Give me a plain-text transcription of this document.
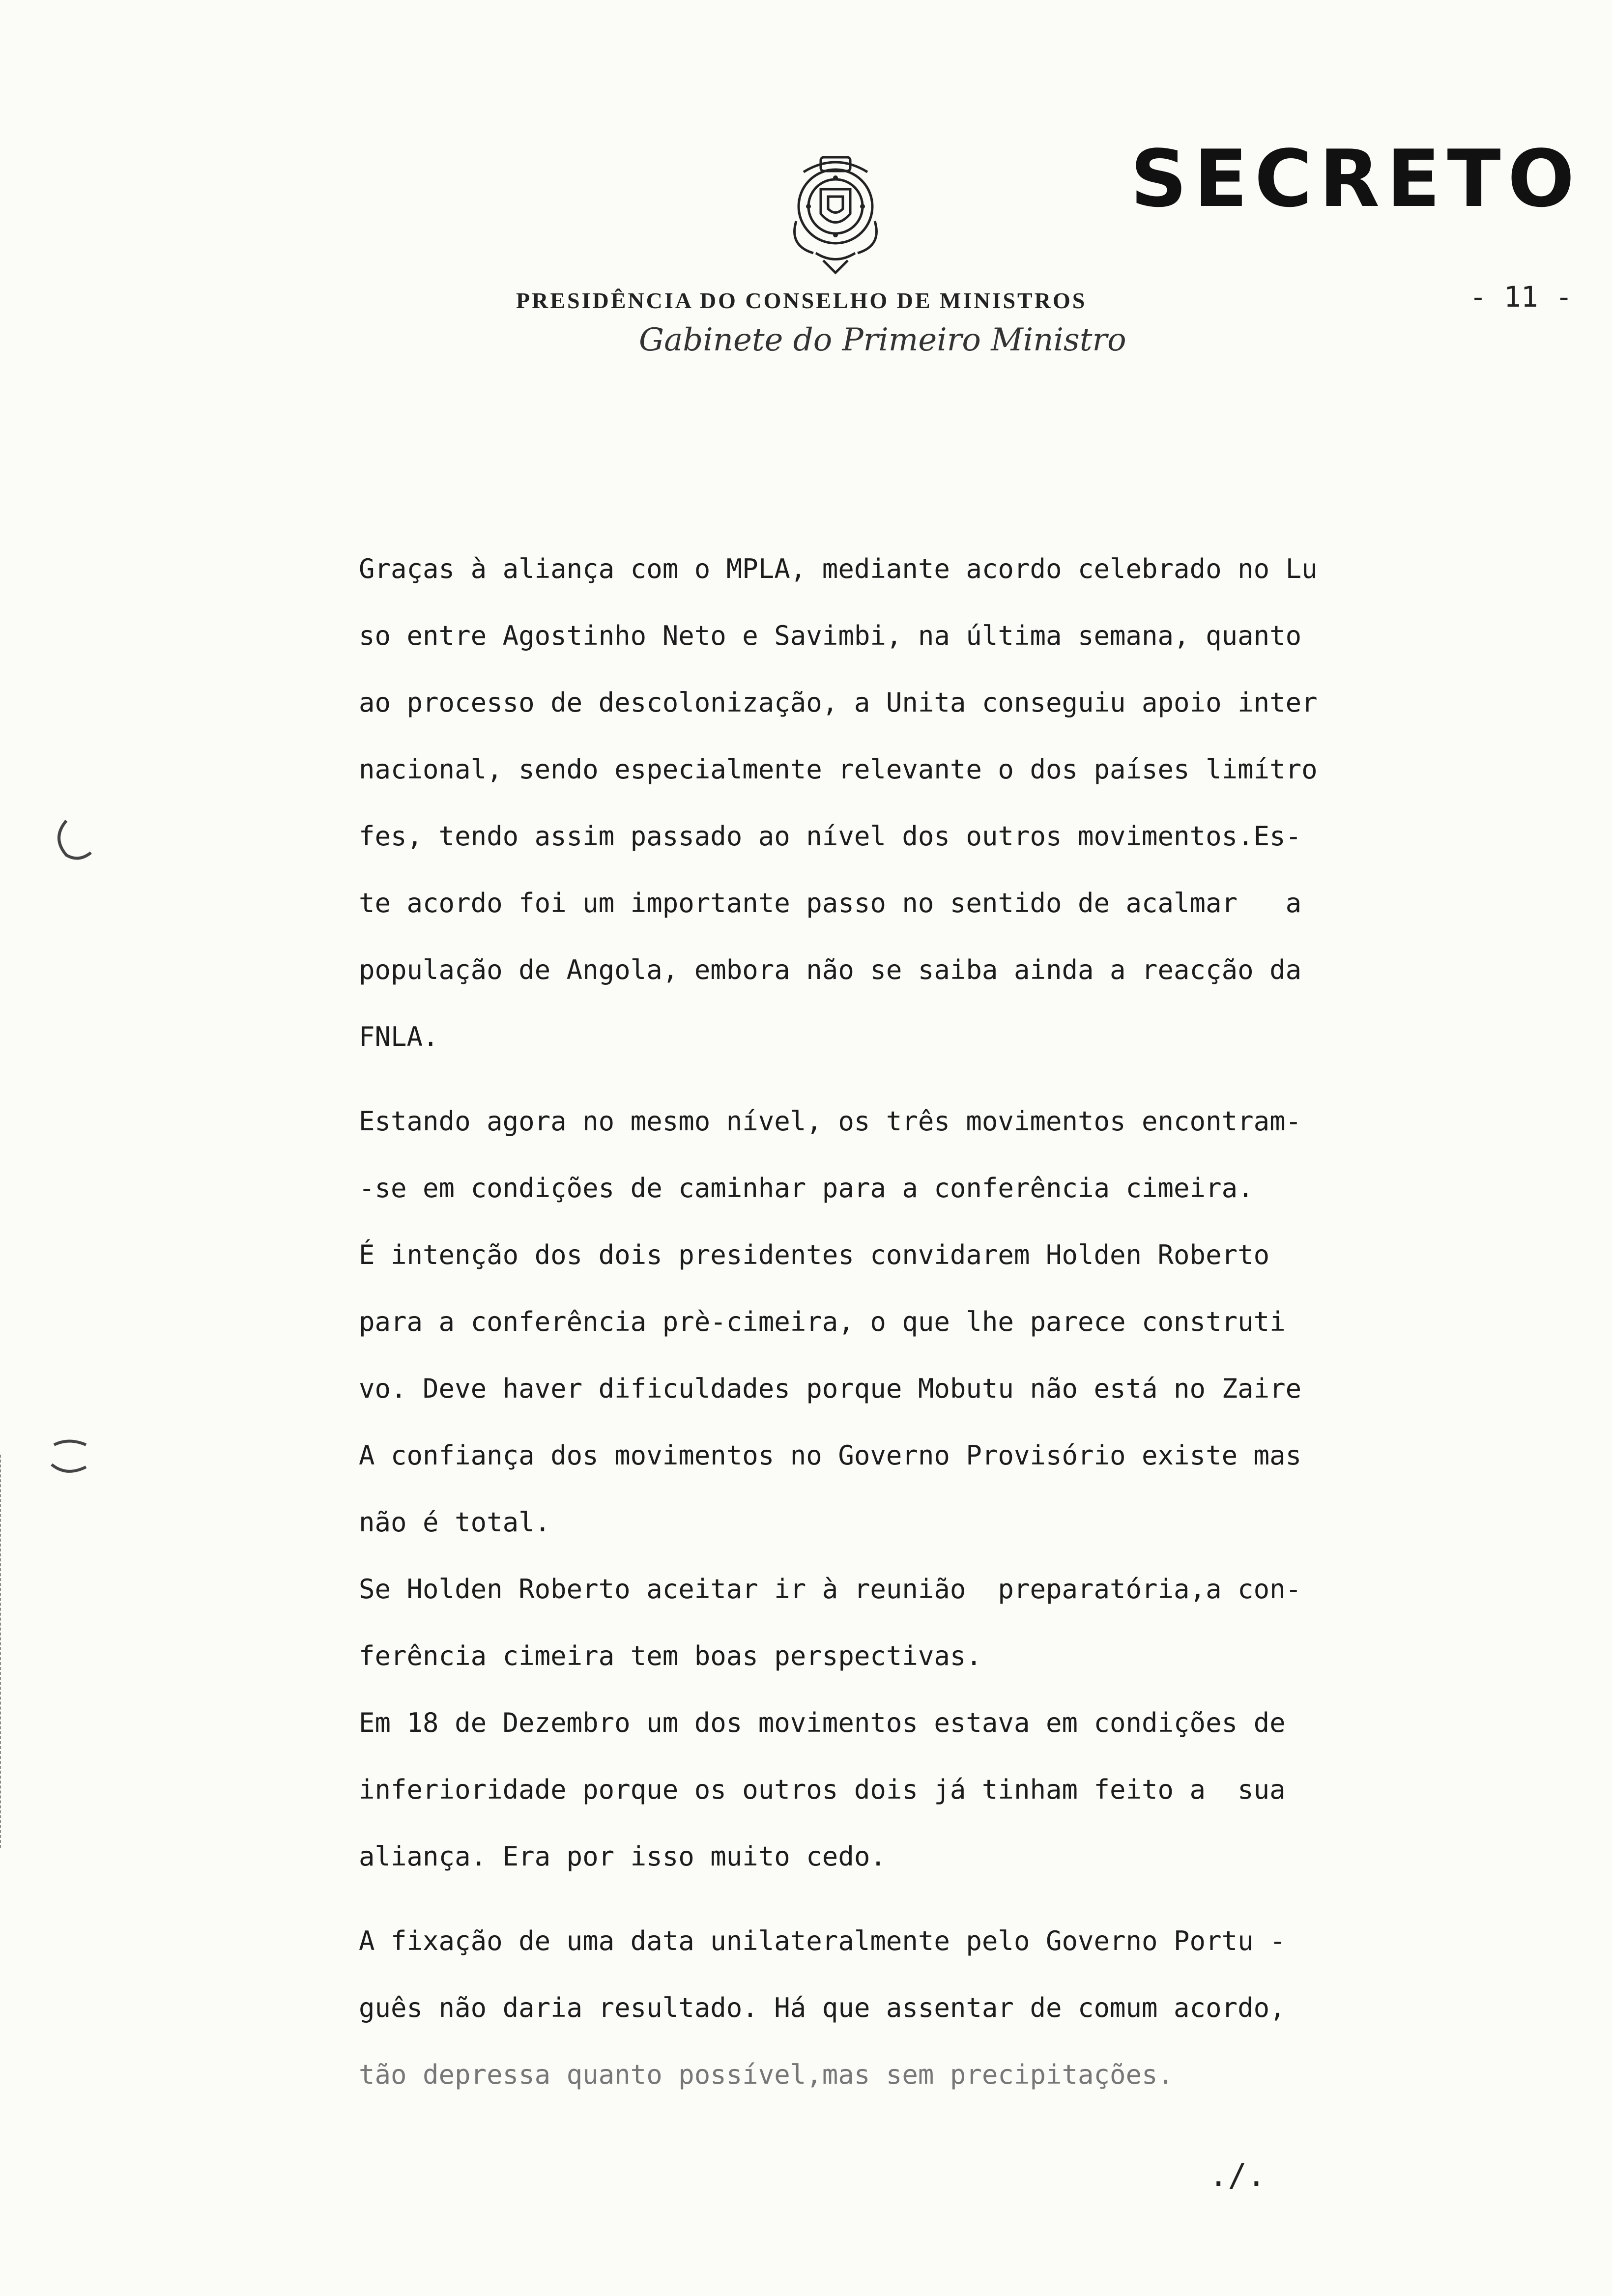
SECRETO
- 11 -
PRESIDÊNCIA DO CONSELHO DE MINISTROS
Gabinete do Primeiro Ministro
Graças à aliança com o MPLA, mediante acordo celebrado no Lu
so entre Agostinho Neto e Savimbi, na última semana, quanto
ao processo de descolonização, a Unita conseguiu apoio inter
nacional, sendo especialmente relevante o dos países limítro
fes, tendo assim passado ao nível dos outros movimentos.Es-
te acordo foi um importante passo no sentido de acalmar   a
população de Angola, embora não se saiba ainda a reacção da
FNLA.
Estando agora no mesmo nível, os três movimentos encontram-
-se em condições de caminhar para a conferência cimeira.
É intenção dos dois presidentes convidarem Holden Roberto
para a conferência prè-cimeira, o que lhe parece construti
vo. Deve haver dificuldades porque Mobutu não está no Zaire
A confiança dos movimentos no Governo Provisório existe mas
não é total.
Se Holden Roberto aceitar ir à reunião  preparatória,a con-
ferência cimeira tem boas perspectivas.
Em 18 de Dezembro um dos movimentos estava em condições de
inferioridade porque os outros dois já tinham feito a  sua
aliança. Era por isso muito cedo.
A fixação de uma data unilateralmente pelo Governo Portu -
guês não daria resultado. Há que assentar de comum acordo,
tão depressa quanto possível,mas sem precipitações.
./.
